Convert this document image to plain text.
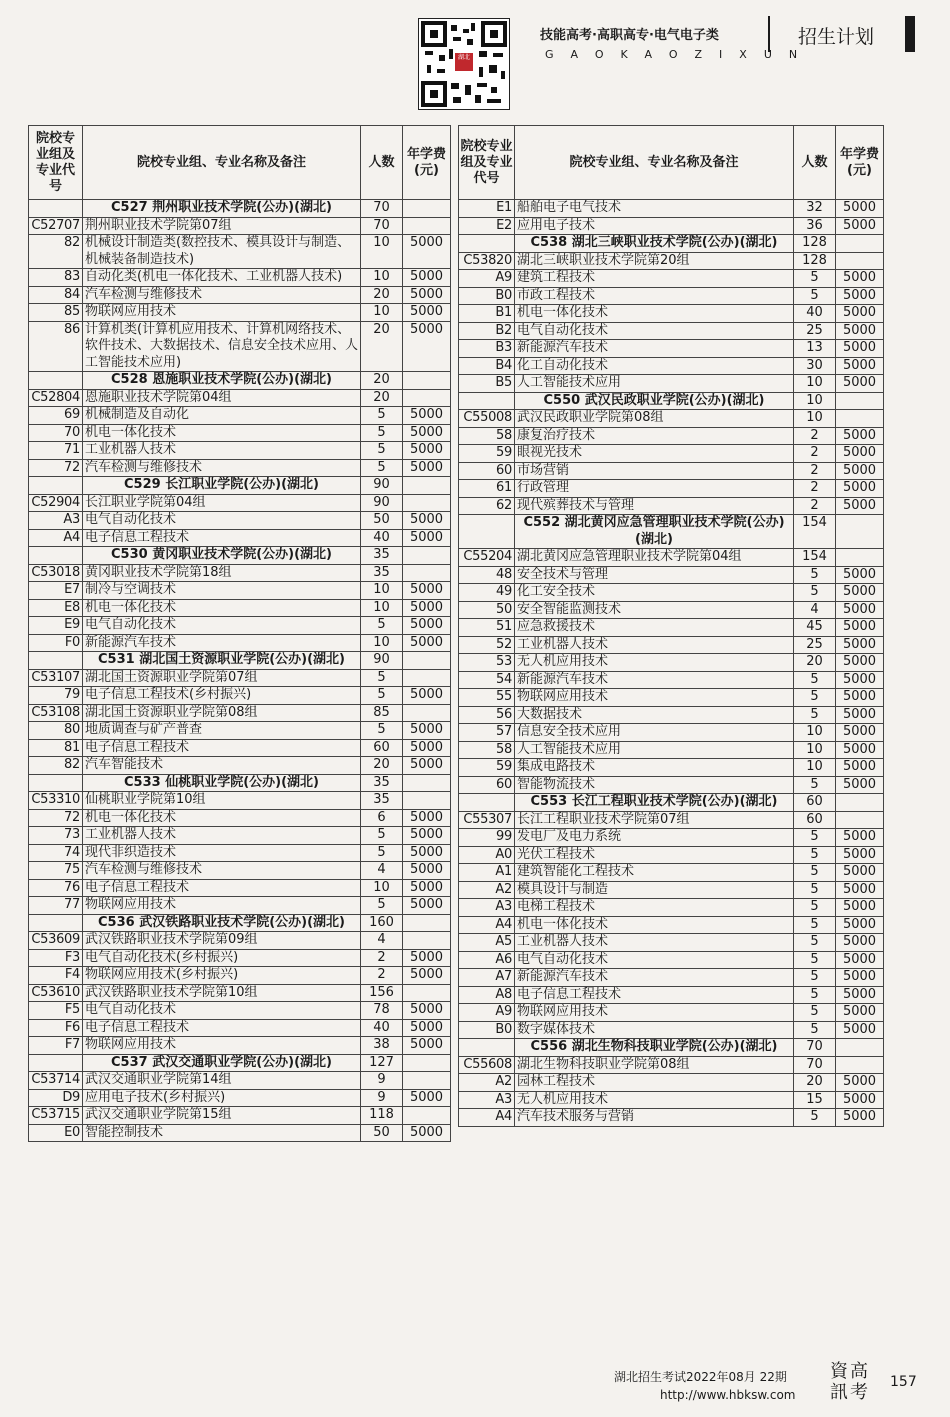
湖北
技能高考·高职高专·电气电子类
GAOKAOZIXUN
招生计划
院校专业组及专业代号	院校专业组、专业名称及备注	人数	年学费(元)
	C527 荆州职业技术学院(公办)(湖北)	70	
C52707	荆州职业技术学院第07组	70	
82	机械设计制造类(数控技术、模具设计与制造、机械装备制造技术)	10	5000
83	自动化类(机电一体化技术、工业机器人技术)	10	5000
84	汽车检测与维修技术	20	5000
85	物联网应用技术	10	5000
86	计算机类(计算机应用技术、计算机网络技术、软件技术、大数据技术、信息安全技术应用、人工智能技术应用)	20	5000
	C528 恩施职业技术学院(公办)(湖北)	20	
C52804	恩施职业技术学院第04组	20	
69	机械制造及自动化	5	5000
70	机电一体化技术	5	5000
71	工业机器人技术	5	5000
72	汽车检测与维修技术	5	5000
	C529 长江职业学院(公办)(湖北)	90	
C52904	长江职业学院第04组	90	
A3	电气自动化技术	50	5000
A4	电子信息工程技术	40	5000
	C530 黄冈职业技术学院(公办)(湖北)	35	
C53018	黄冈职业技术学院第18组	35	
E7	制冷与空调技术	10	5000
E8	机电一体化技术	10	5000
E9	电气自动化技术	5	5000
F0	新能源汽车技术	10	5000
	C531 湖北国土资源职业学院(公办)(湖北)	90	
C53107	湖北国土资源职业学院第07组	5	
79	电子信息工程技术(乡村振兴)	5	5000
C53108	湖北国土资源职业学院第08组	85	
80	地质调查与矿产普查	5	5000
81	电子信息工程技术	60	5000
82	汽车智能技术	20	5000
	C533 仙桃职业学院(公办)(湖北)	35	
C53310	仙桃职业学院第10组	35	
72	机电一体化技术	6	5000
73	工业机器人技术	5	5000
74	现代非织造技术	5	5000
75	汽车检测与维修技术	4	5000
76	电子信息工程技术	10	5000
77	物联网应用技术	5	5000
	C536 武汉铁路职业技术学院(公办)(湖北)	160	
C53609	武汉铁路职业技术学院第09组	4	
F3	电气自动化技术(乡村振兴)	2	5000
F4	物联网应用技术(乡村振兴)	2	5000
C53610	武汉铁路职业技术学院第10组	156	
F5	电气自动化技术	78	5000
F6	电子信息工程技术	40	5000
F7	物联网应用技术	38	5000
	C537 武汉交通职业学院(公办)(湖北)	127	
C53714	武汉交通职业学院第14组	9	
D9	应用电子技术(乡村振兴)	9	5000
C53715	武汉交通职业学院第15组	118	
E0	智能控制技术	50	5000
院校专业组及专业代号	院校专业组、专业名称及备注	人数	年学费(元)
E1	船舶电子电气技术	32	5000
E2	应用电子技术	36	5000
	C538 湖北三峡职业技术学院(公办)(湖北)	128	
C53820	湖北三峡职业技术学院第20组	128	
A9	建筑工程技术	5	5000
B0	市政工程技术	5	5000
B1	机电一体化技术	40	5000
B2	电气自动化技术	25	5000
B3	新能源汽车技术	13	5000
B4	化工自动化技术	30	5000
B5	人工智能技术应用	10	5000
	C550 武汉民政职业学院(公办)(湖北)	10	
C55008	武汉民政职业学院第08组	10	
58	康复治疗技术	2	5000
59	眼视光技术	2	5000
60	市场营销	2	5000
61	行政管理	2	5000
62	现代殡葬技术与管理	2	5000
	C552 湖北黄冈应急管理职业技术学院(公办)(湖北)	154	
C55204	湖北黄冈应急管理职业技术学院第04组	154	
48	安全技术与管理	5	5000
49	化工安全技术	5	5000
50	安全智能监测技术	4	5000
51	应急救援技术	45	5000
52	工业机器人技术	25	5000
53	无人机应用技术	20	5000
54	新能源汽车技术	5	5000
55	物联网应用技术	5	5000
56	大数据技术	5	5000
57	信息安全技术应用	10	5000
58	人工智能技术应用	10	5000
59	集成电路技术	10	5000
60	智能物流技术	5	5000
	C553 长江工程职业技术学院(公办)(湖北)	60	
C55307	长江工程职业技术学院第07组	60	
99	发电厂及电力系统	5	5000
A0	光伏工程技术	5	5000
A1	建筑智能化工程技术	5	5000
A2	模具设计与制造	5	5000
A3	电梯工程技术	5	5000
A4	机电一体化技术	5	5000
A5	工业机器人技术	5	5000
A6	电气自动化技术	5	5000
A7	新能源汽车技术	5	5000
A8	电子信息工程技术	5	5000
A9	物联网应用技术	5	5000
B0	数字媒体技术	5	5000
	C556 湖北生物科技职业学院(公办)(湖北)	70	
C55608	湖北生物科技职业学院第08组	70	
A2	园林工程技术	20	5000
A3	无人机应用技术	15	5000
A4	汽车技术服务与营销	5	5000
湖北招生考试2022年08月 22期
http://www.hbksw.com
資高訊考	157
